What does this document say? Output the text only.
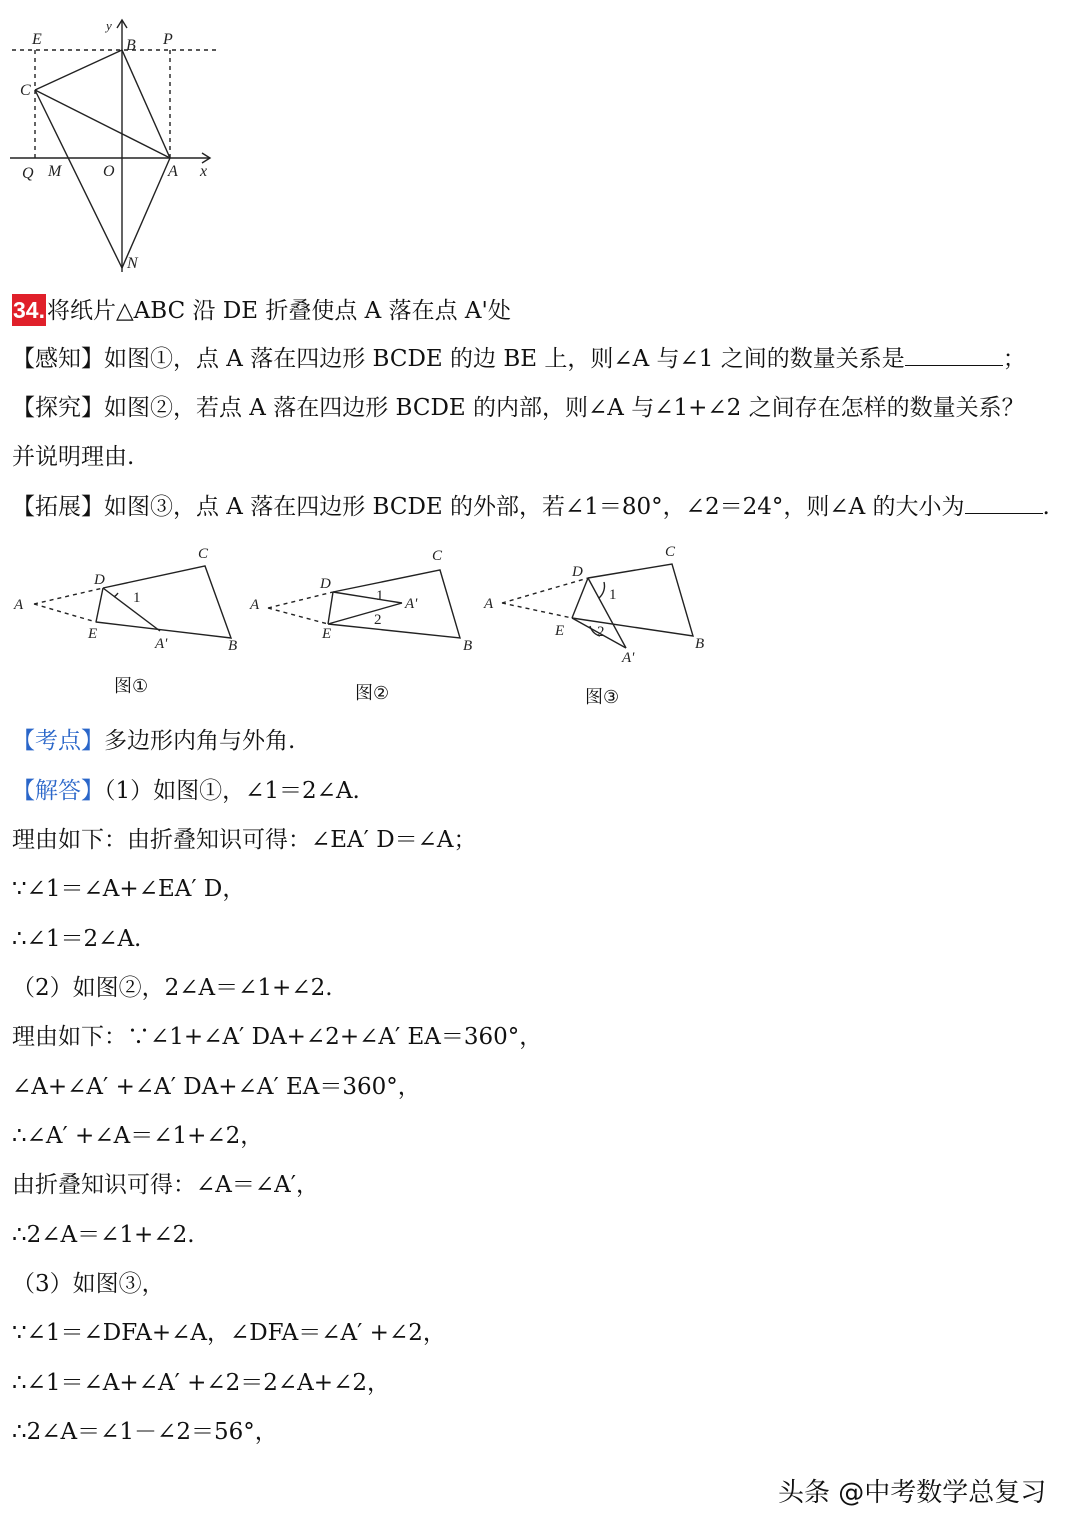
E
y
B P
C
Q M	O	A x
N
34.将纸片△ABC 沿 DE 折叠使点 A 落在点 A'处
【感知】如图①，点 A 落在四边形 BCDE 的边 BE 上，则∠A 与∠1 之间的数量关系是	；
【探究】如图②，若点 A 落在四边形 BCDE 的内部，则∠A 与∠1+∠2 之间存在怎样的数量关系？
并说明理由.
【拓展】如图③，点 A 落在四边形 BCDE 的外部，若∠1＝80°，∠2＝24°，则∠A 的大小为	.
A
D
C
E
A'	B
1	A
D
C
E
A'
B
1
2
A
D
C
E
A'
B
1
2
图①	图②	图③
【考点】多边形内角与外角.
【解答】（1）如图①，∠1＝2∠A.
理由如下：由折叠知识可得：∠EA′ D＝∠A；
∵∠1＝∠A+∠EA′ D，
∴∠1＝2∠A.
（2）如图②，2∠A＝∠1+∠2.
理由如下：∵∠1+∠A′ DA+∠2+∠A′ EA＝360°，
∠A+∠A′ +∠A′ DA+∠A′ EA＝360°，
∴∠A′ +∠A＝∠1+∠2，
由折叠知识可得：∠A＝∠A′，
∴2∠A＝∠1+∠2.
（3）如图③，
∵∠1＝∠DFA+∠A，∠DFA＝∠A′ +∠2，
∴∠1＝∠A+∠A′ +∠2＝2∠A+∠2，
∴2∠A＝∠1－∠2＝56°，
头条 @中考数学总复习
